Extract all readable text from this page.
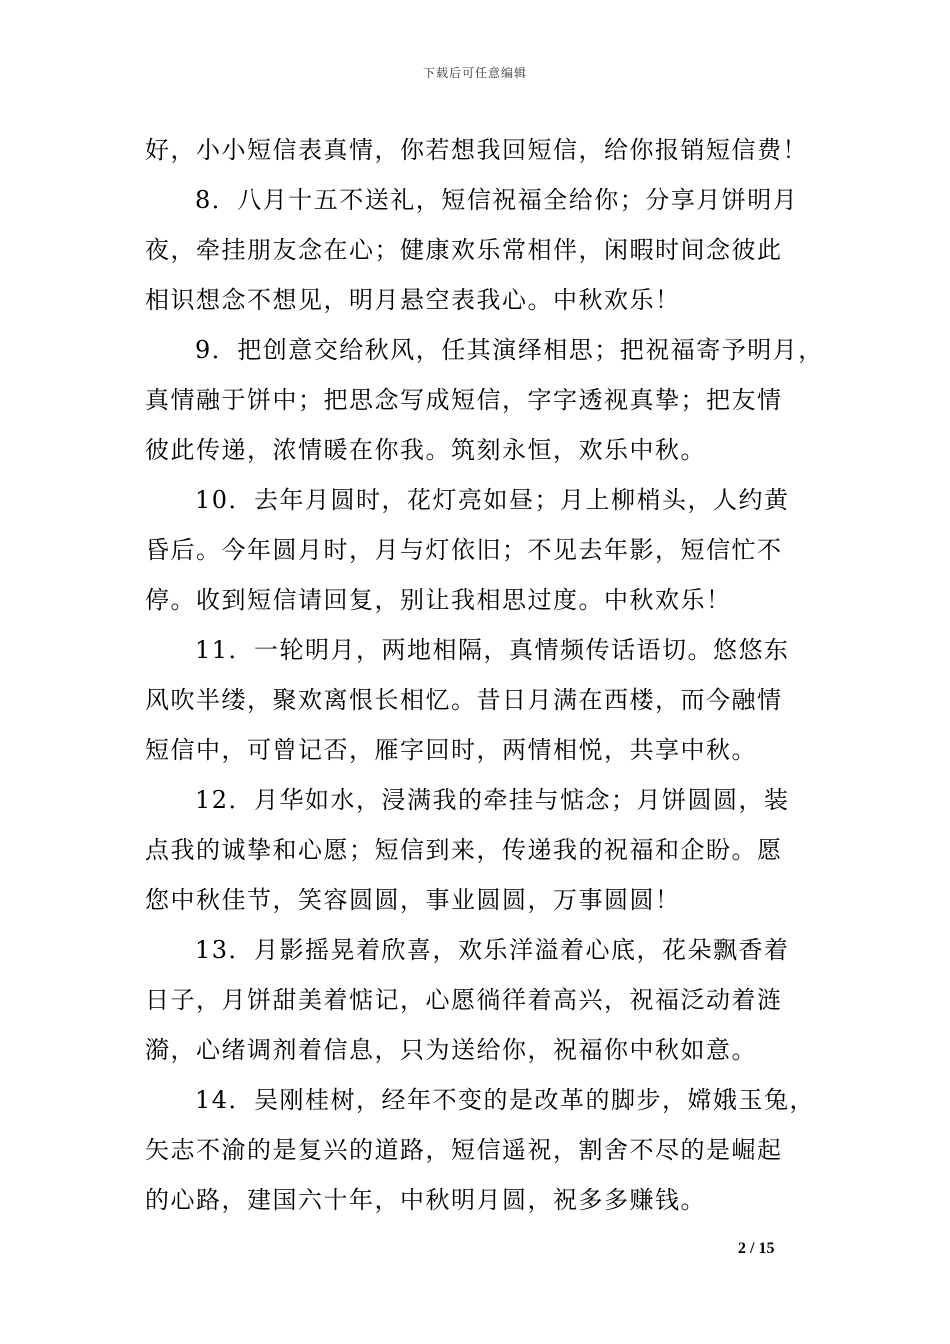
下载后可任意编辑
好，小小短信表真情，你若想我回短信，给你报销短信费！
8．八月十五不送礼，短信祝福全给你；分享月饼明月
夜，牵挂朋友念在心；健康欢乐常相伴，闲暇时间念彼此
相识想念不想见，明月悬空表我心。中秋欢乐！
9．把创意交给秋风，任其演绎相思；把祝福寄予明月，
真情融于饼中；把思念写成短信，字字透视真挚；把友情
彼此传递，浓情暖在你我。筑刻永恒，欢乐中秋。
10．去年月圆时，花灯亮如昼；月上柳梢头，人约黄
昏后。今年圆月时，月与灯依旧；不见去年影，短信忙不
停。收到短信请回复，别让我相思过度。中秋欢乐！
11．一轮明月，两地相隔，真情频传话语切。悠悠东
风吹半缕，聚欢离恨长相忆。昔日月满在西楼，而今融情
短信中，可曾记否，雁字回时，两情相悦，共享中秋。
12．月华如水，浸满我的牵挂与惦念；月饼圆圆，装
点我的诚挚和心愿；短信到来，传递我的祝福和企盼。愿
您中秋佳节，笑容圆圆，事业圆圆，万事圆圆！
13．月影摇晃着欣喜，欢乐洋溢着心底，花朵飘香着
日子，月饼甜美着惦记，心愿徜徉着高兴，祝福泛动着涟
漪，心绪调剂着信息，只为送给你，祝福你中秋如意。
14．吴刚桂树，经年不变的是改革的脚步，嫦娥玉兔，
矢志不渝的是复兴的道路，短信遥祝，割舍不尽的是崛起
的心路，建国六十年，中秋明月圆，祝多多赚钱。
2 / 15
